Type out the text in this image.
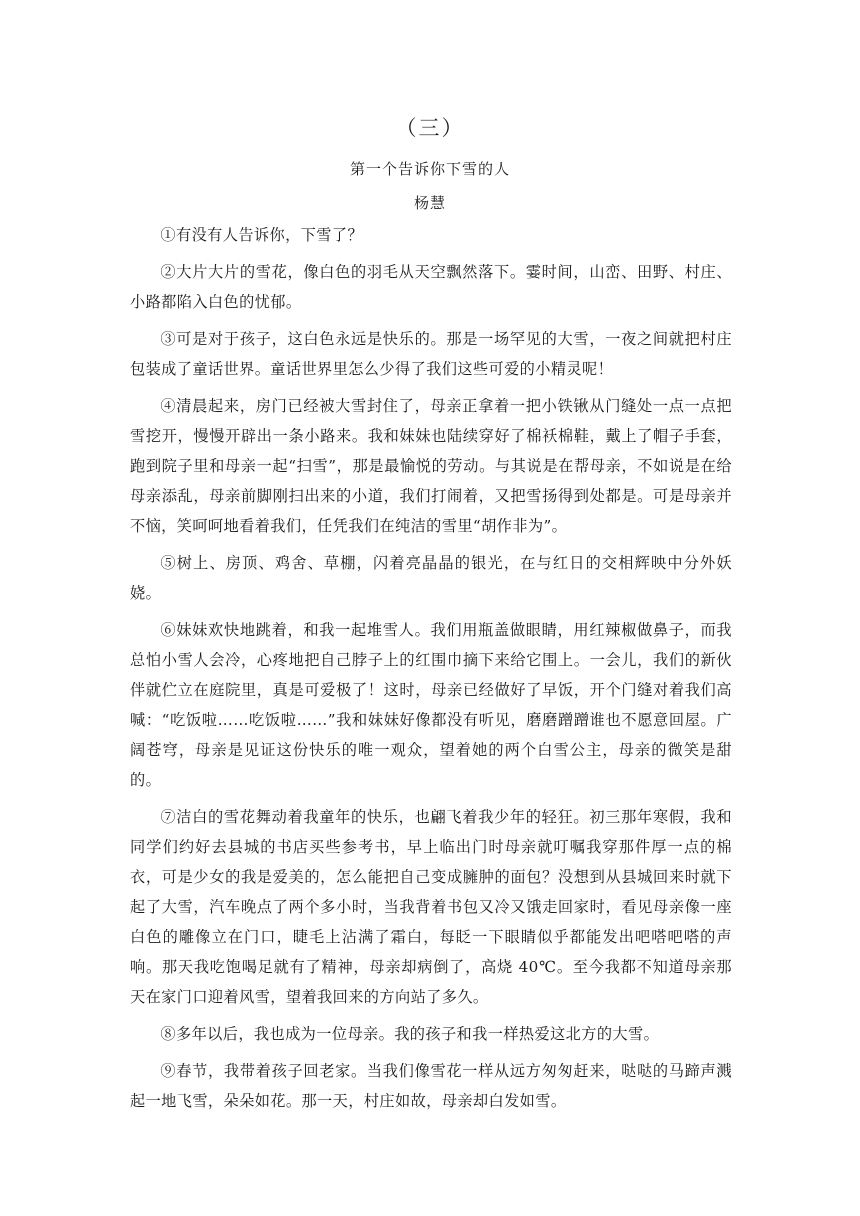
（三）
第一个告诉你下雪的人
杨慧

①有没有人告诉你，下雪了？

②大片大片的雪花，像白色的羽毛从天空飘然落下。霎时间，山峦、田野、村庄、小路都陷入白色的忧郁。

③可是对于孩子，这白色永远是快乐的。那是一场罕见的大雪，一夜之间就把村庄包装成了童话世界。童话世界里怎么少得了我们这些可爱的小精灵呢！

④清晨起来，房门已经被大雪封住了，母亲正拿着一把小铁锹从门缝处一点一点把雪挖开，慢慢开辟出一条小路来。我和妹妹也陆续穿好了棉袄棉鞋，戴上了帽子手套，跑到院子里和母亲一起“扫雪”，那是最愉悦的劳动。与其说是在帮母亲，不如说是在给母亲添乱，母亲前脚刚扫出来的小道，我们打闹着，又把雪扬得到处都是。可是母亲并不恼，笑呵呵地看着我们，任凭我们在纯洁的雪里“胡作非为”。

⑤树上、房顶、鸡舍、草棚，闪着亮晶晶的银光，在与红日的交相辉映中分外妖娆。

⑥妹妹欢快地跳着，和我一起堆雪人。我们用瓶盖做眼睛，用红辣椒做鼻子，而我总怕小雪人会冷，心疼地把自己脖子上的红围巾摘下来给它围上。一会儿，我们的新伙伴就伫立在庭院里，真是可爱极了！这时，母亲已经做好了早饭，开个门缝对着我们高喊：“吃饭啦……吃饭啦……”我和妹妹好像都没有听见，磨磨蹭蹭谁也不愿意回屋。广阔苍穹，母亲是见证这份快乐的唯一观众，望着她的两个白雪公主，母亲的微笑是甜的。

⑦洁白的雪花舞动着我童年的快乐，也翩飞着我少年的轻狂。初三那年寒假，我和同学们约好去县城的书店买些参考书，早上临出门时母亲就叮嘱我穿那件厚一点的棉衣，可是少女的我是爱美的，怎么能把自己变成臃肿的面包？没想到从县城回来时就下起了大雪，汽车晚点了两个多小时，当我背着书包又冷又饿走回家时，看见母亲像一座白色的雕像立在门口，睫毛上沾满了霜白，每眨一下眼睛似乎都能发出吧嗒吧嗒的声响。那天我吃饱喝足就有了精神，母亲却病倒了，高烧 40℃。至今我都不知道母亲那天在家门口迎着风雪，望着我回来的方向站了多久。

⑧多年以后，我也成为一位母亲。我的孩子和我一样热爱这北方的大雪。

⑨春节，我带着孩子回老家。当我们像雪花一样从远方匆匆赶来，哒哒的马蹄声溅起一地飞雪，朵朵如花。那一天，村庄如故，母亲却白发如雪。
